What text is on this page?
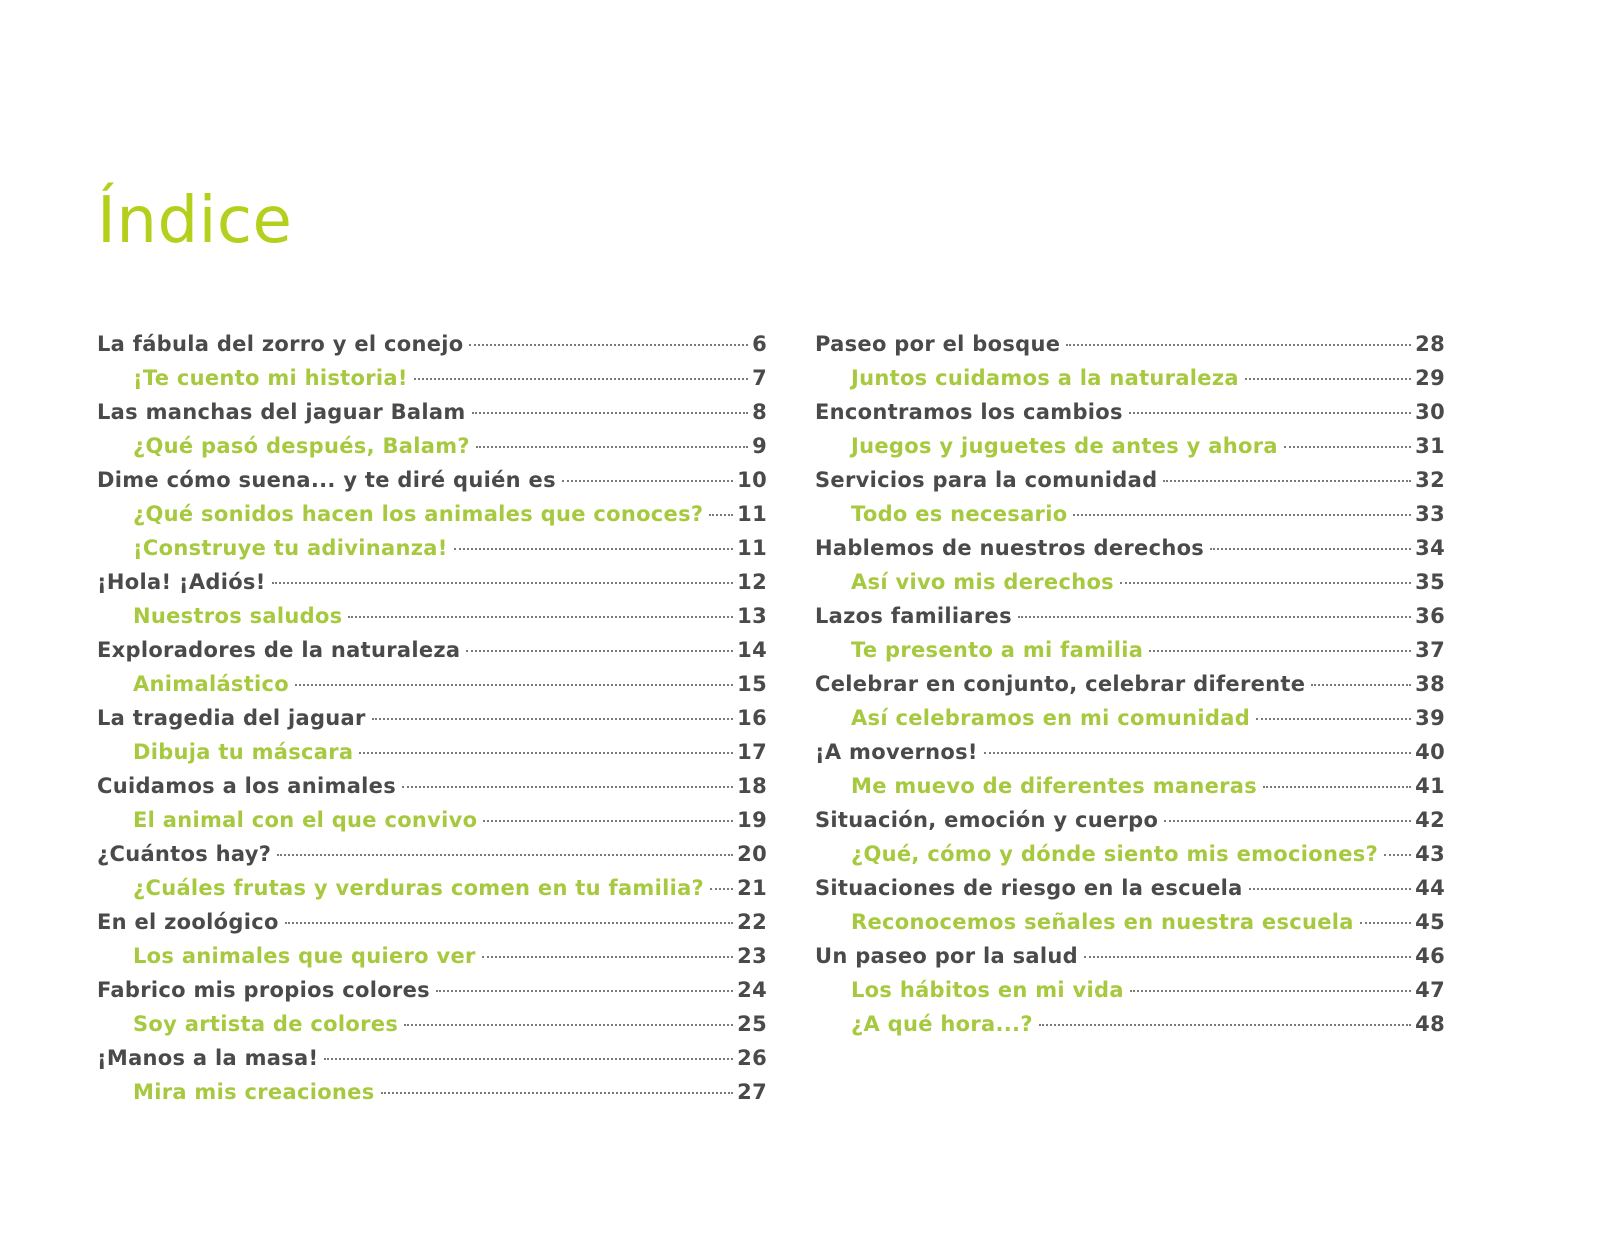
Índice
La fábula del zorro y el conejo	6
¡Te cuento mi historia!	7
Las manchas del jaguar Balam	8
¿Qué pasó después, Balam?	9
Dime cómo suena... y te diré quién es	10
¿Qué sonidos hacen los animales que conoces? 11
¡Construye tu adivinanza!	11
¡Hola! ¡Adiós!	12
Nuestros saludos	13
Exploradores de la naturaleza	14
Animalástico	15
La tragedia del jaguar	16
Dibuja tu máscara	17
Cuidamos a los animales	18
El animal con el que convivo	19
¿Cuántos hay?	20
¿Cuáles frutas y verduras comen en tu familia? 21
En el zoológico	22
Los animales que quiero ver	23
Fabrico mis propios colores	24
Soy artista de colores	25
¡Manos a la masa!	26
Mira mis creaciones	27
Paseo por el bosque	28
Juntos cuidamos a la naturaleza	29
Encontramos los cambios	30
Juegos y juguetes de antes y ahora	31
Servicios para la comunidad	32
Todo es necesario	33
Hablemos de nuestros derechos	34
Así vivo mis derechos	35
Lazos familiares	36
Te presento a mi familia	37
Celebrar en conjunto, celebrar diferente	38
Así celebramos en mi comunidad	39
¡A movernos!	40
Me muevo de diferentes maneras	41
Situación, emoción y cuerpo	42
¿Qué, cómo y dónde siento mis emociones? 43
Situaciones de riesgo en la escuela	44
Reconocemos señales en nuestra escuela	45
Un paseo por la salud	46
Los hábitos en mi vida	47
¿A qué hora...?	48
